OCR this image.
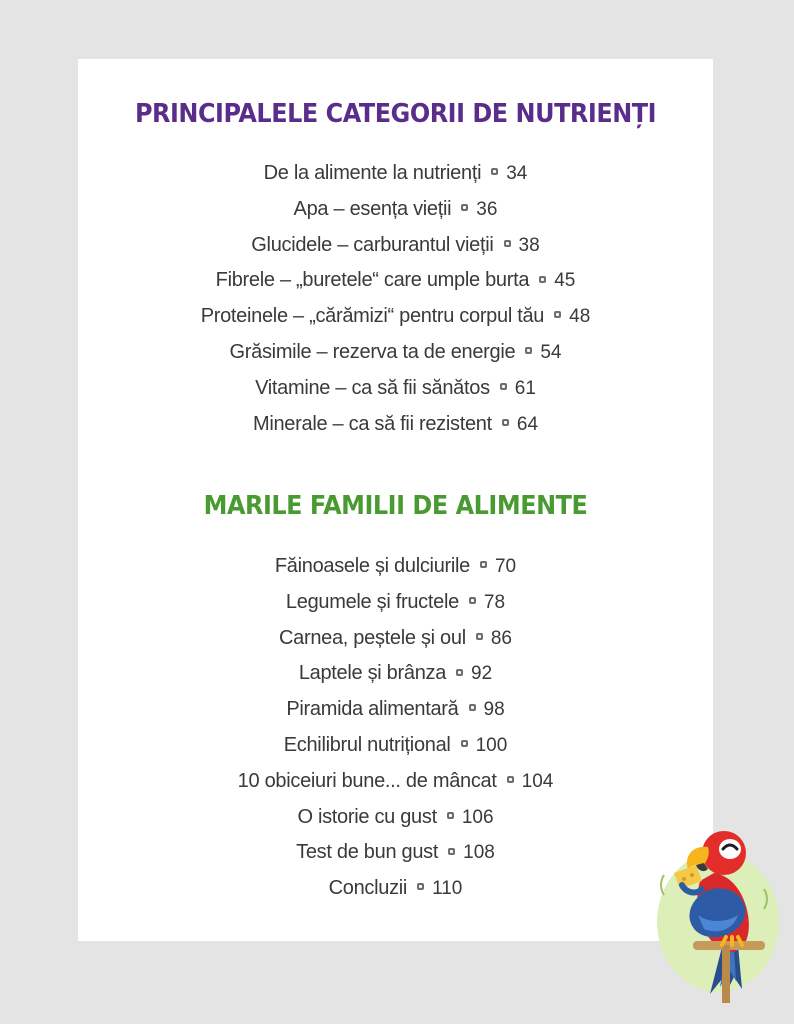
PRINCIPALELE CATEGORII DE NUTRIENȚI
De la alimente la nutrienți 34
Apa – esența vieții 36
Glucidele – carburantul vieții 38
Fibrele – „buretele“ care umple burta 45
Proteinele – „cărămizi“ pentru corpul tău 48
Grăsimile – rezerva ta de energie 54
Vitamine – ca să fii sănătos 61
Minerale – ca să fii rezistent 64
MARILE FAMILII DE ALIMENTE
Făinoasele și dulciurile 70
Legumele și fructele 78
Carnea, peștele și oul 86
Laptele și brânza 92
Piramida alimentară 98
Echilibrul nutrițional 100
10 obiceiuri bune... de mâncat 104
O istorie cu gust 106
Test de bun gust 108
Concluzii 110
